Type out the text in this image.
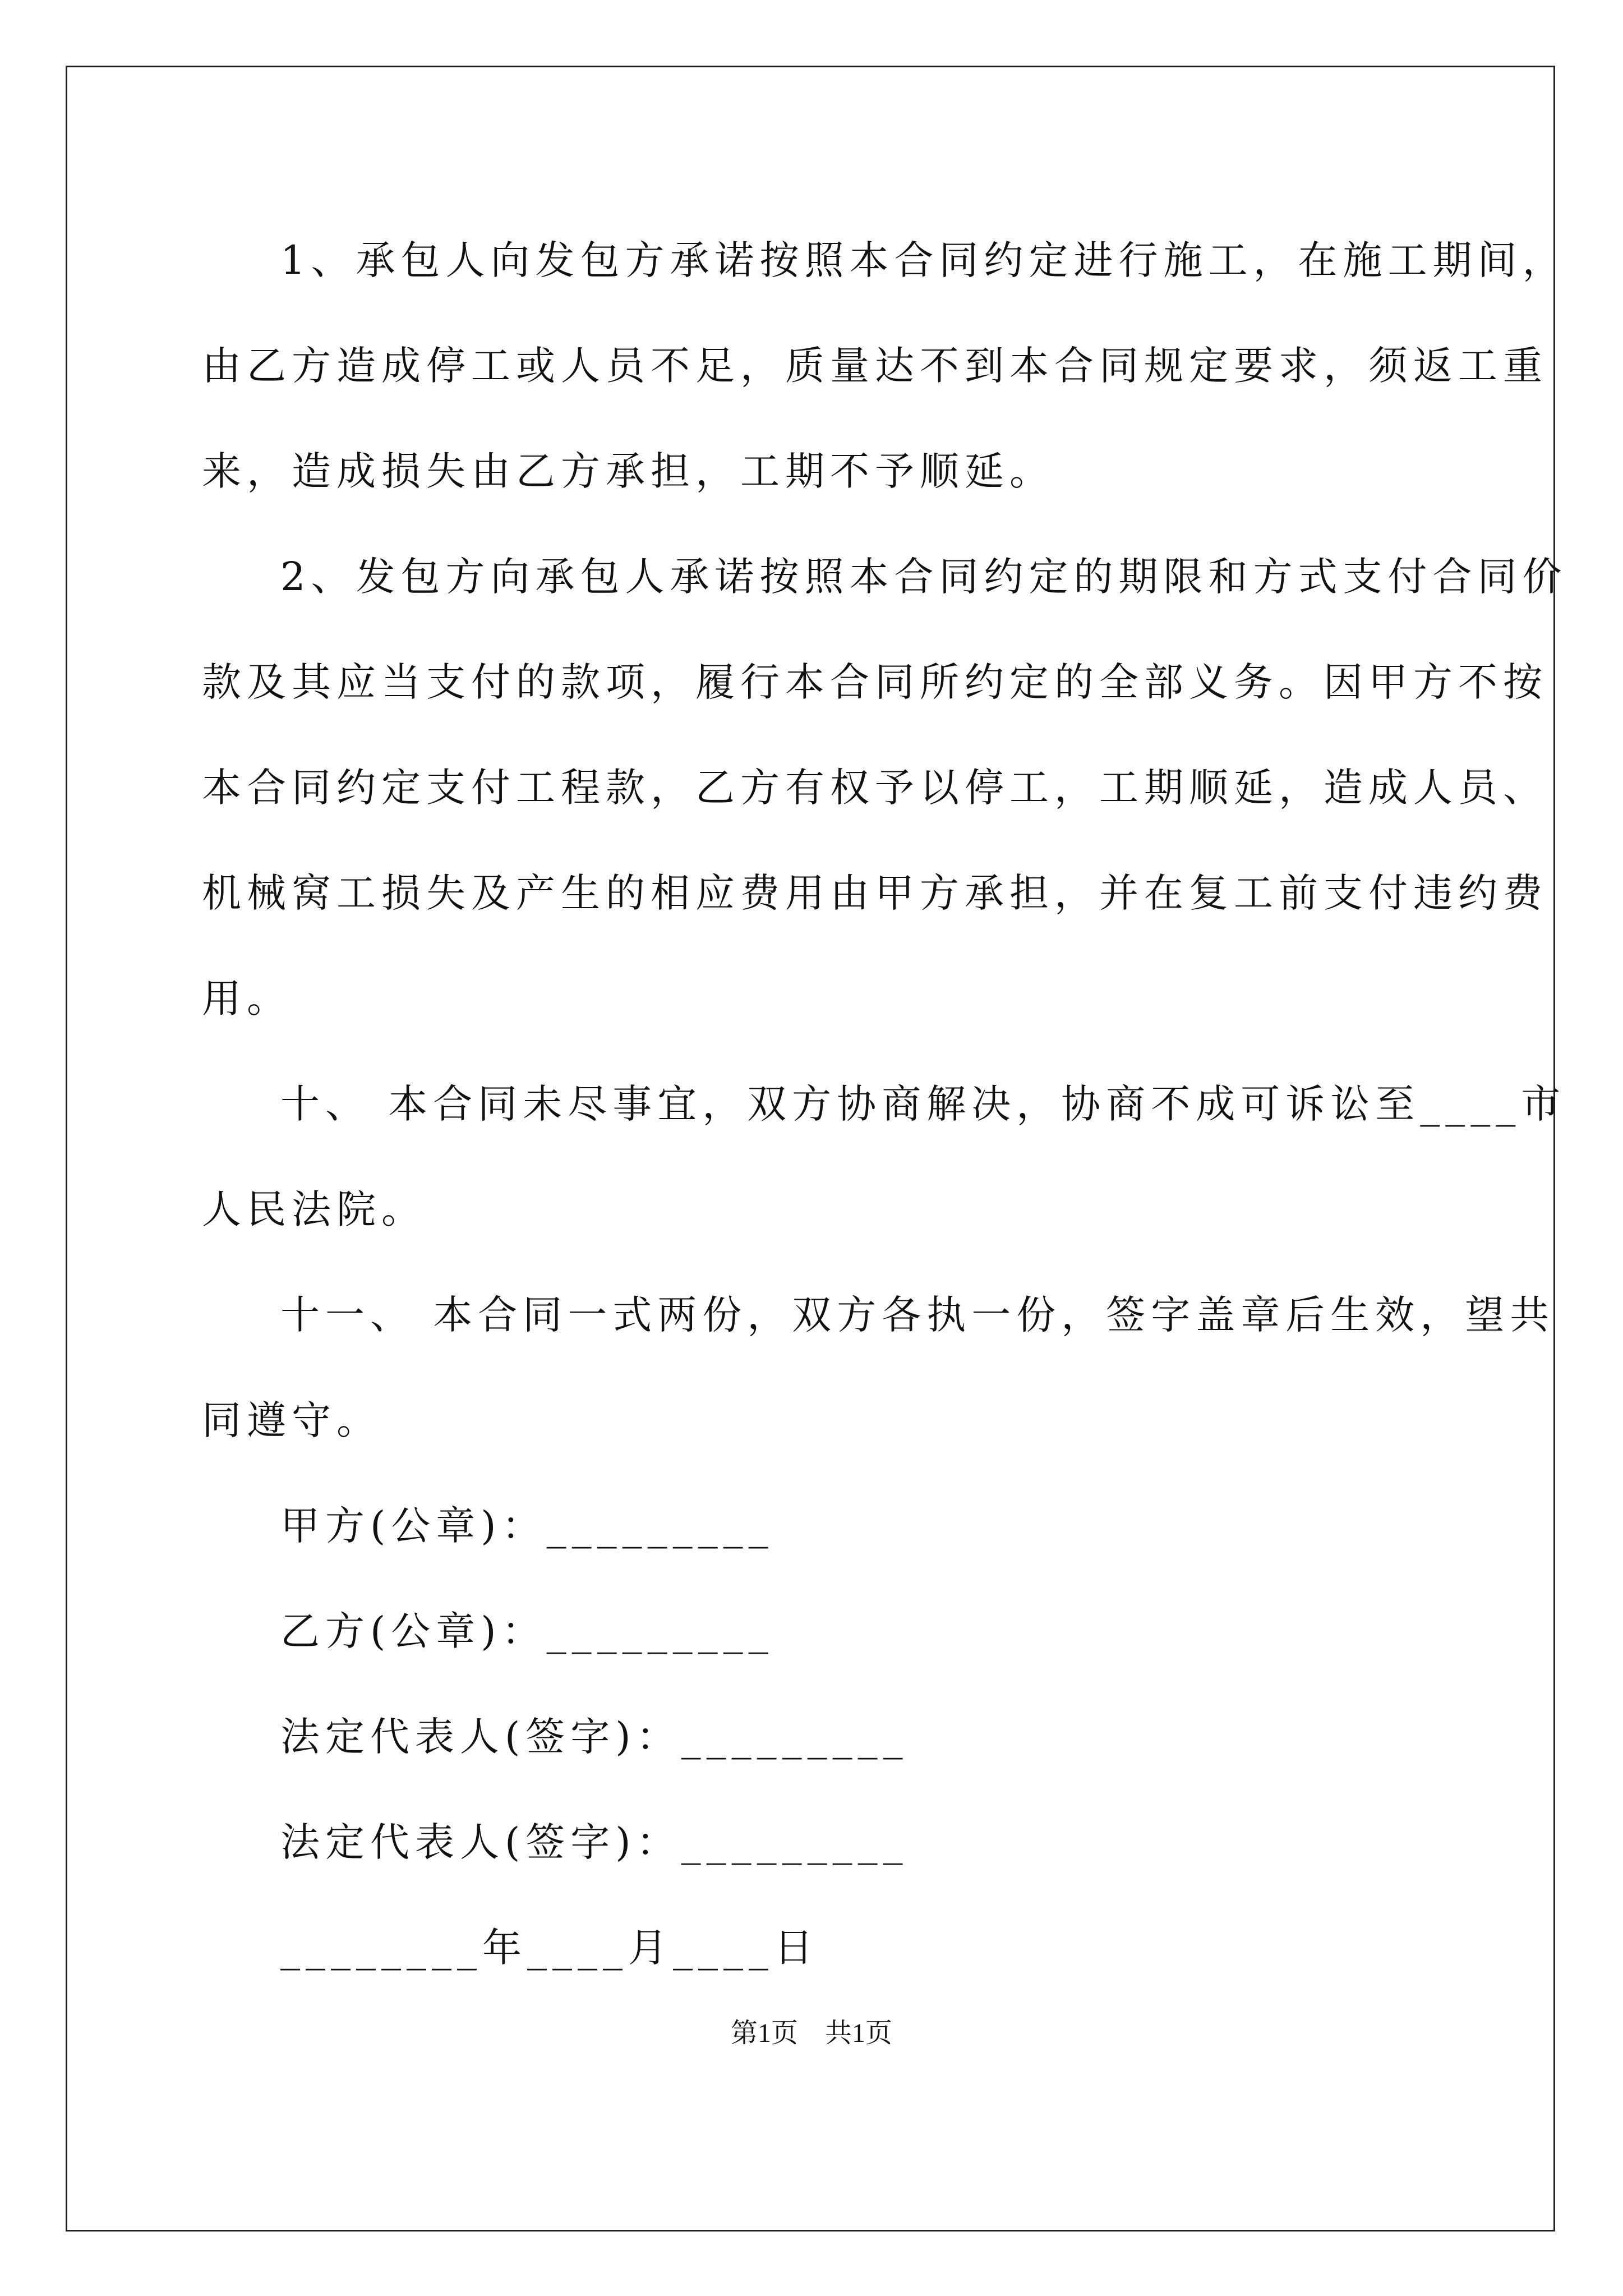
1、承包人向发包方承诺按照本合同约定进行施工，在施工期间，
由乙方造成停工或人员不足，质量达不到本合同规定要求，须返工重
来，造成损失由乙方承担，工期不予顺延。
2、发包方向承包人承诺按照本合同约定的期限和方式支付合同价
款及其应当支付的款项，履行本合同所约定的全部义务。因甲方不按
本合同约定支付工程款，乙方有权予以停工，工期顺延，造成人员、
机械窝工损失及产生的相应费用由甲方承担，并在复工前支付违约费
用。
十、 本合同未尽事宜，双方协商解决，协商不成可诉讼至____市
人民法院。
十一、 本合同一式两份，双方各执一份，签字盖章后生效，望共
同遵守。
甲方(公章)：_________
乙方(公章)：_________
法定代表人(签字)：_________
法定代表人(签字)：_________
________年____月____日
第1页　共1页
